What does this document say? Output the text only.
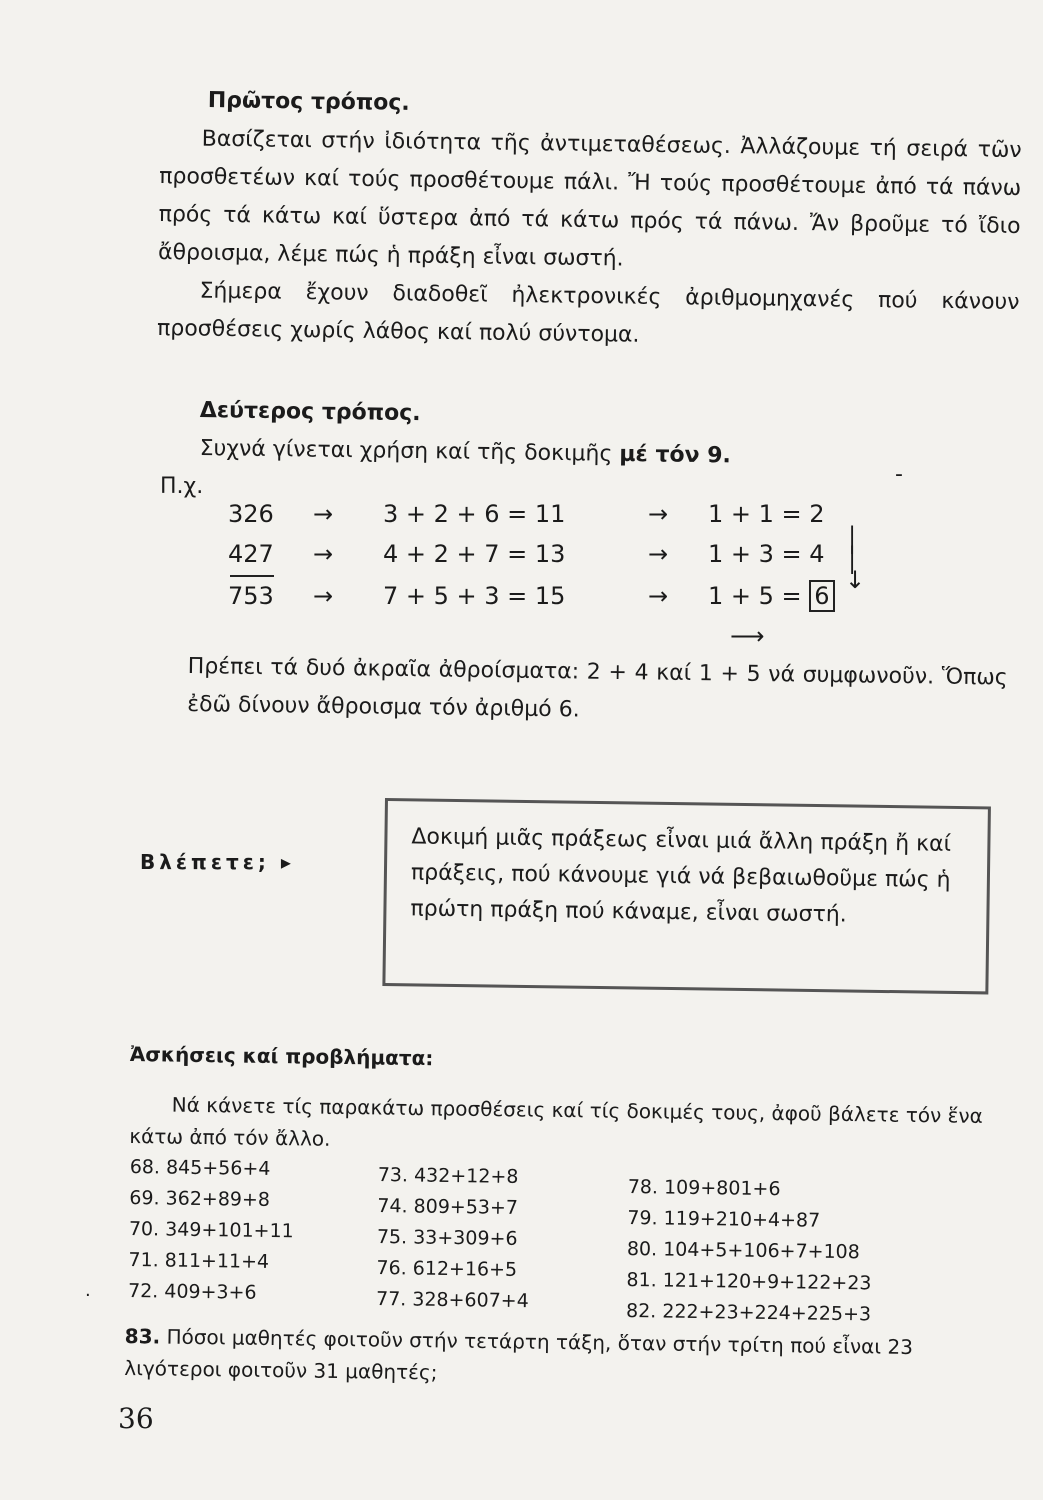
Πρῶτος τρόπος.

Βασίζεται στήν ἰδιότητα τῆς ἀντιμεταθέσεως. Ἀλλάζουμε τή σειρά τῶν προσθετέων καί τούς προσθέτουμε πάλι. Ἤ τούς προσθέτουμε ἀπό τά πάνω πρός τά κάτω καί ὕστερα ἀπό τά κάτω πρός τά πάνω. Ἄν βροῦμε τό ἴδιο ἄθροισμα, λέμε πώς ἡ πράξη εἶναι σωστή.

Σήμερα ἔχουν διαδοθεῖ ἠλεκτρονικές ἀριθμομηχανές πού κάνουν προσθέσεις χωρίς λάθος καί πολύ σύντομα.

Δεύτερος τρόπος.

Συχνά γίνεται χρήση καί τῆς δοκιμῆς μέ τόν 9.

-
Π.χ.
326 → 3 + 2 + 6 = 11	→ 1 + 1 = 2
427 → 4 + 2 + 7 = 13	→ 1 + 3 = 4
753 → 7 + 5 + 3 = 15	→ 1 + 5 = 6
│
│
↓
⟶

Πρέπει τά δυό ἀκραῖα ἀθροίσματα: 2 + 4 καί 1 + 5 νά συμφωνοῦν. Ὅπως ἐδῶ δίνουν ἄθροισμα τόν ἀριθμό 6.

Βλέπετε; ▸
Δοκιμή μιᾶς πράξεως εἶναι μιά ἄλλη πράξη ἤ καί πράξεις, πού κάνουμε γιά νά βεβαιωθοῦμε πώς ἡ πρώτη πράξη πού κάναμε, εἶναι σωστή.
Ἀσκήσεις καί προβλήματα:
Νά κάνετε τίς παρακάτω προσθέσεις καί τίς δοκιμές τους, ἀφοῦ βάλετε τόν ἕνα κάτω ἀπό τόν ἄλλο.
68. 845+56+4
69. 362+89+8
70. 349+101+11
71. 811+11+4
72. 409+3+6
73. 432+12+8
74. 809+53+7
75. 33+309+6
76. 612+16+5
77. 328+607+4
78. 109+801+6
79. 119+210+4+87
80. 104+5+106+7+108
81. 121+120+9+122+23
82. 222+23+224+225+3
·
83. Πόσοι μαθητές φοιτοῦν στήν τετάρτη τάξη, ὅταν στήν τρίτη πού εἶναι 23 λιγότεροι φοιτοῦν 31 μαθητές;
36
